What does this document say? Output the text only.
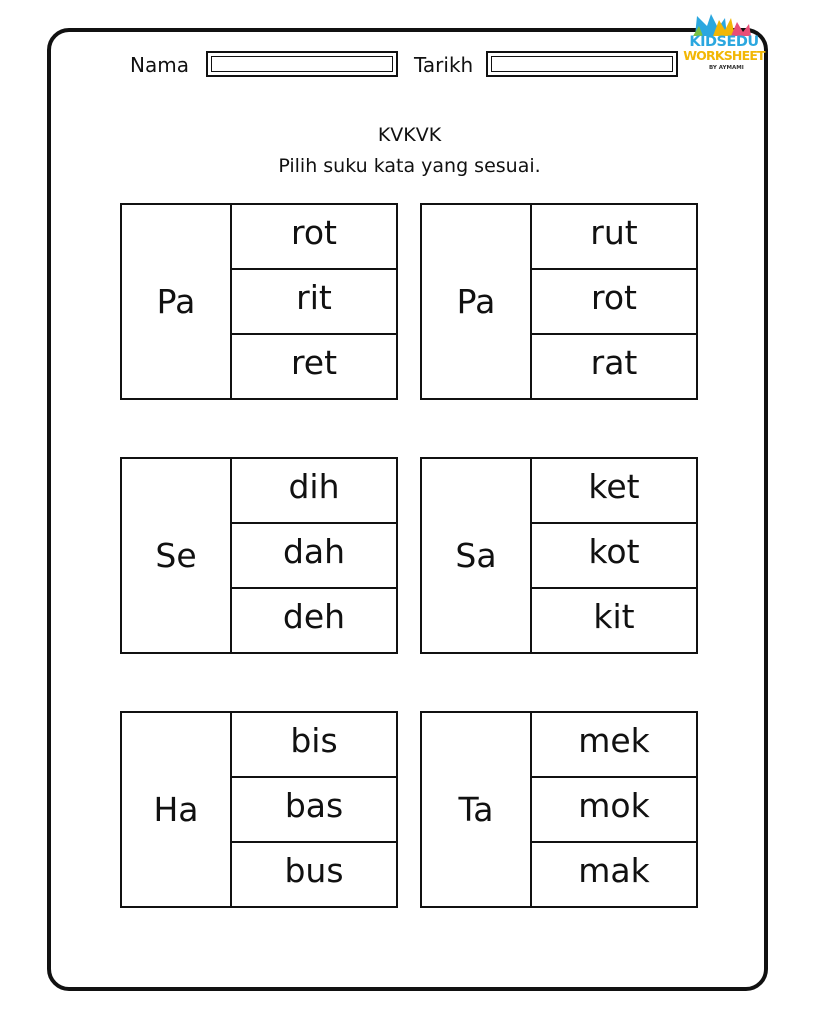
Nama	Tarikh
KIDSEDU
WORKSHEET
BY AYMAMI
KVKVK
Pilih suku kata yang sesuai.
Pa
rot
rit
ret
Pa
rut
rot
rat
Se
dih
dah
deh
Sa
ket
kot
kit
Ha
bis
bas
bus
Ta
mek
mok
mak
